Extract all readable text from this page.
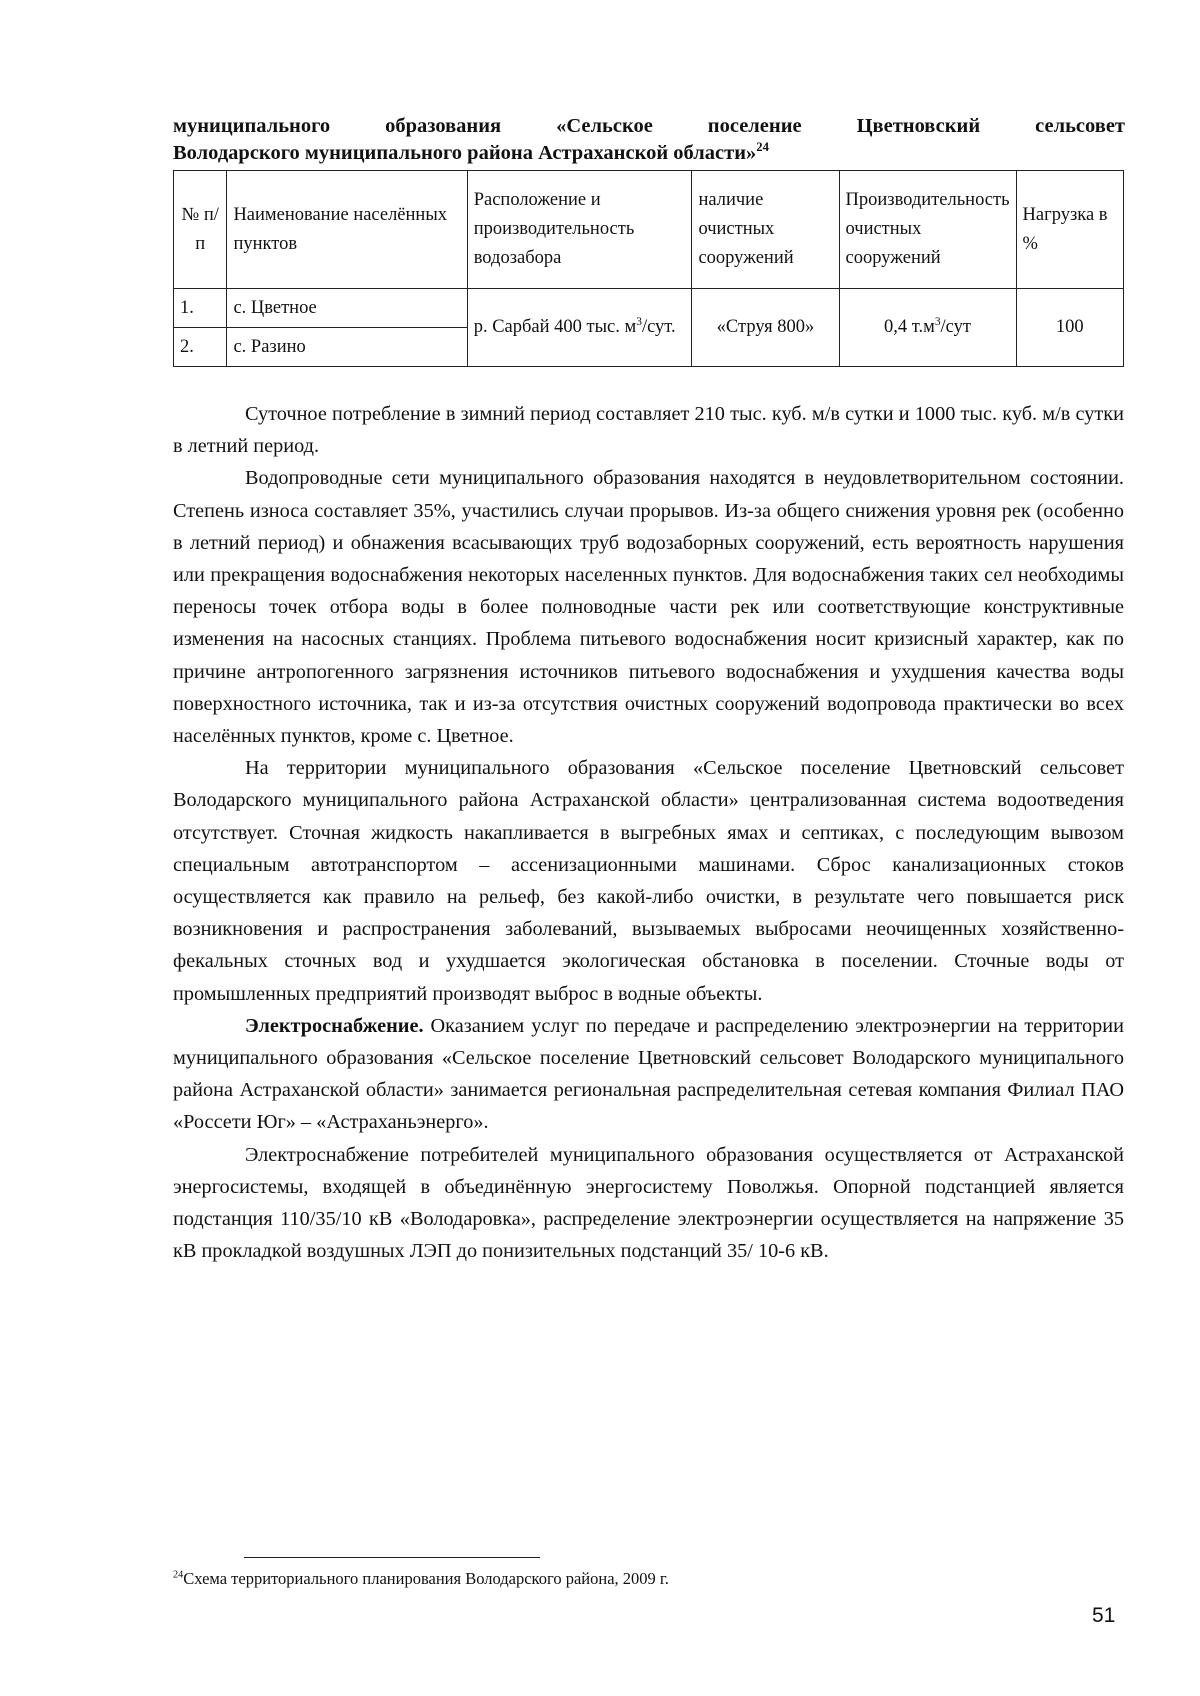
муниципального образования «Сельское поселение Цветновский сельсовет
Володарского муниципального района Астраханской области»$^{24}$
№ п/п	Наименование населённых пунктов	Расположение и производительность водозабора	наличие очистных сооружений	Производительность очистных сооружений	Нагрузка в %
1.	с. Цветное	р. Сарбай 400 тыс. $м^3$/сут.	«Струя 800»	0,4 $т.м^3$/сут	100
2.	с. Разино				

Суточное потребление в зимний период составляет 210 тыс. куб. м/в сутки и 1000 тыс. куб. м/в сутки в летний период.

Водопроводные сети муниципального образования находятся в неудовлетворительном состоянии. Степень износа составляет 35%, участились случаи прорывов. Из-за общего снижения уровня рек (особенно в летний период) и обнажения всасывающих труб водозаборных сооружений, есть вероятность нарушения или прекращения водоснабжения некоторых населенных пунктов. Для водоснабжения таких сел необходимы переносы точек отбора воды в более полноводные части рек или соответствующие конструктивные изменения на насосных станциях. Проблема питьевого водоснабжения носит кризисный характер, как по причине антропогенного загрязнения источников питьевого водоснабжения и ухудшения качества воды поверхностного источника, так и из-за отсутствия очистных сооружений водопровода практически во всех населённых пунктов, кроме с. Цветное.

На территории муниципального образования «Сельское поселение Цветновский сельсовет Володарского муниципального района Астраханской области» централизованная система водоотведения отсутствует. Сточная жидкость накапливается в выгребных ямах и септиках, с последующим вывозом специальным автотранспортом – ассенизационными машинами. Сброс канализационных стоков осуществляется как правило на рельеф, без какой-либо очистки, в результате чего повышается риск возникновения и распространения заболеваний, вызываемых выбросами неочищенных хозяйственно-фекальных сточных вод и ухудшается экологическая обстановка в поселении. Сточные воды от промышленных предприятий производят выброс в водные объекты.

Электроснабжение. Оказанием услуг по передаче и распределению электроэнергии на территории муниципального образования «Сельское поселение Цветновский сельсовет Володарского муниципального района Астраханской области» занимается региональная распределительная сетевая компания Филиал ПАО «Россети Юг» – «Астраханьэнерго».

Электроснабжение потребителей муниципального образования осуществляется от Астраханской энергосистемы, входящей в объединённую энергосистему Поволжья. Опорной подстанцией является подстанция 110/35/10 кВ «Володаровка», распределение электроэнергии осуществляется на напряжение 35 кВ прокладкой воздушных ЛЭП до понизительных подстанций 35/ 10-6 кВ.

$^{24}$Схема территориального планирования Володарского района, 2009 г.
51
